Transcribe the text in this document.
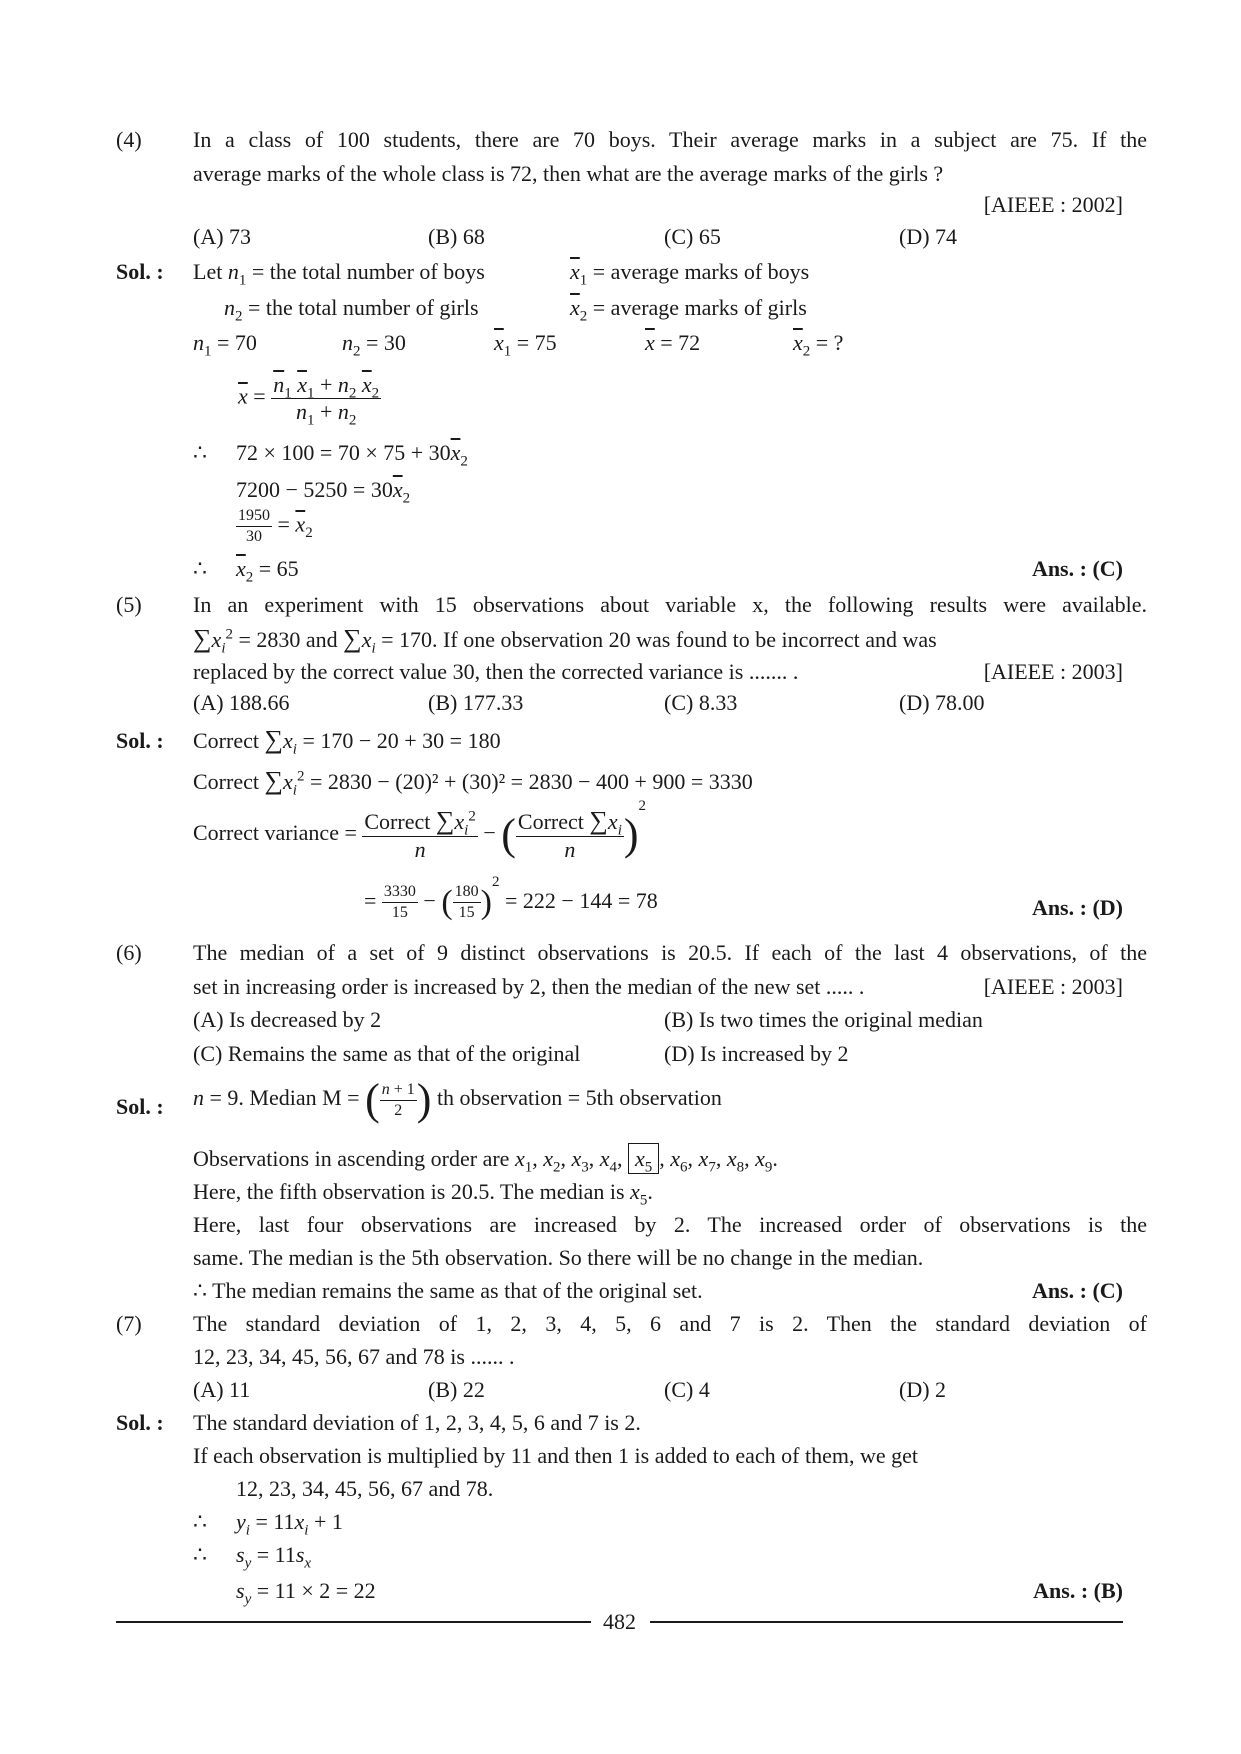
(4) In a class of 100 students, there are 70 boys. Their average marks in a subject are 75. If the
average marks of the whole class is 72, then what are the average marks of the girls ?
[AIEEE : 2002]
(A) 73	(B) 68	(C) 65	(D) 74
Sol. : Let $n_1$ = the total number of boys	$\overline{x}_1$ = average marks of boys
$n_2$ = the total number of girls	$\overline{x}_2$ = average marks of girls
$n_1 = 70$	$n_2 = 30$	$\overline{x}_1 = 75$	$\overline{x} = 72$	$\overline{x}_2$ = ?
$\overline{x} = \frac{\overline{n}_1 \overline{x}_1 + n_2 \overline{x}_2}{n_1 + n_2}$
∴ $72 \times 100 = 70 \times 75 + 30\overline{x}_2$
$7200 - 5250 = 30\overline{x}_2$
$\frac{1950}{30} = \overline{x}_2$
∴ $\overline{x}_2 = 65$	Ans. : (C)
(5) In an experiment with 15 observations about variable x, the following results were available.
$\sum x_i^2 = 2830$ and $\sum x_i = 170$. If one observation 20 was found to be incorrect and was
replaced by the correct value 30, then the corrected variance is ....... .	[AIEEE : 2003]
(A) 188.66	(B) 177.33	(C) 8.33	(D) 78.00
Sol. : Correct $\sum x_i = 170 - 20 + 30 = 180$
Correct $\sum x_i^2 = 2830 - (20)^2 + (30)^2 = 2830 - 400 + 900 = 3330$
Correct variance = $\frac{Correct \sum x_i^2}{n}$ − ( $\frac{Correct \sum x_i}{n} )^2$
= $\frac{3330}{15}$ − ( $\frac{180}{15} )^2 = 222 - 144 = 78$	Ans. : (D)
(6) The median of a set of 9 distinct observations is 20.5. If each of the last 4 observations, of the
set in increasing order is increased by 2, then the median of the new set ..... .	[AIEEE : 2003]
(A) Is decreased by 2	(B) Is two times the original median
(C) Remains the same as that of the original	(D) Is increased by 2
Sol. : n = 9. Median M = ( $\frac{n + 1}{2}$ ) th observation = 5th observation
Observations in ascending order are $x_1$, $x_2$, $x_3$, $x_4$, $x_5$ , $x_6$, $x_7$, $x_8$, $x_9$.
Here, the fifth observation is 20.5. The median is $x_5$.
Here, last four observations are increased by 2. The increased order of observations is the
same. The median is the 5th observation. So there will be no change in the median.
∴ The median remains the same as that of the original set.	Ans. : (C)
(7) The standard deviation of 1, 2, 3, 4, 5, 6 and 7 is 2. Then the standard deviation of
12, 23, 34, 45, 56, 67 and 78 is ...... .
(A) 11	(B) 22	(C) 4	(D) 2
Sol. : The standard deviation of 1, 2, 3, 4, 5, 6 and 7 is 2.
If each observation is multiplied by 11 and then 1 is added to each of them, we get
12, 23, 34, 45, 56, 67 and 78.
∴ $y_i = 11x_i + 1$
∴ $s_y = 11s_x$
$s_y = 11 \times 2 = 22$	Ans. : (B)
482
